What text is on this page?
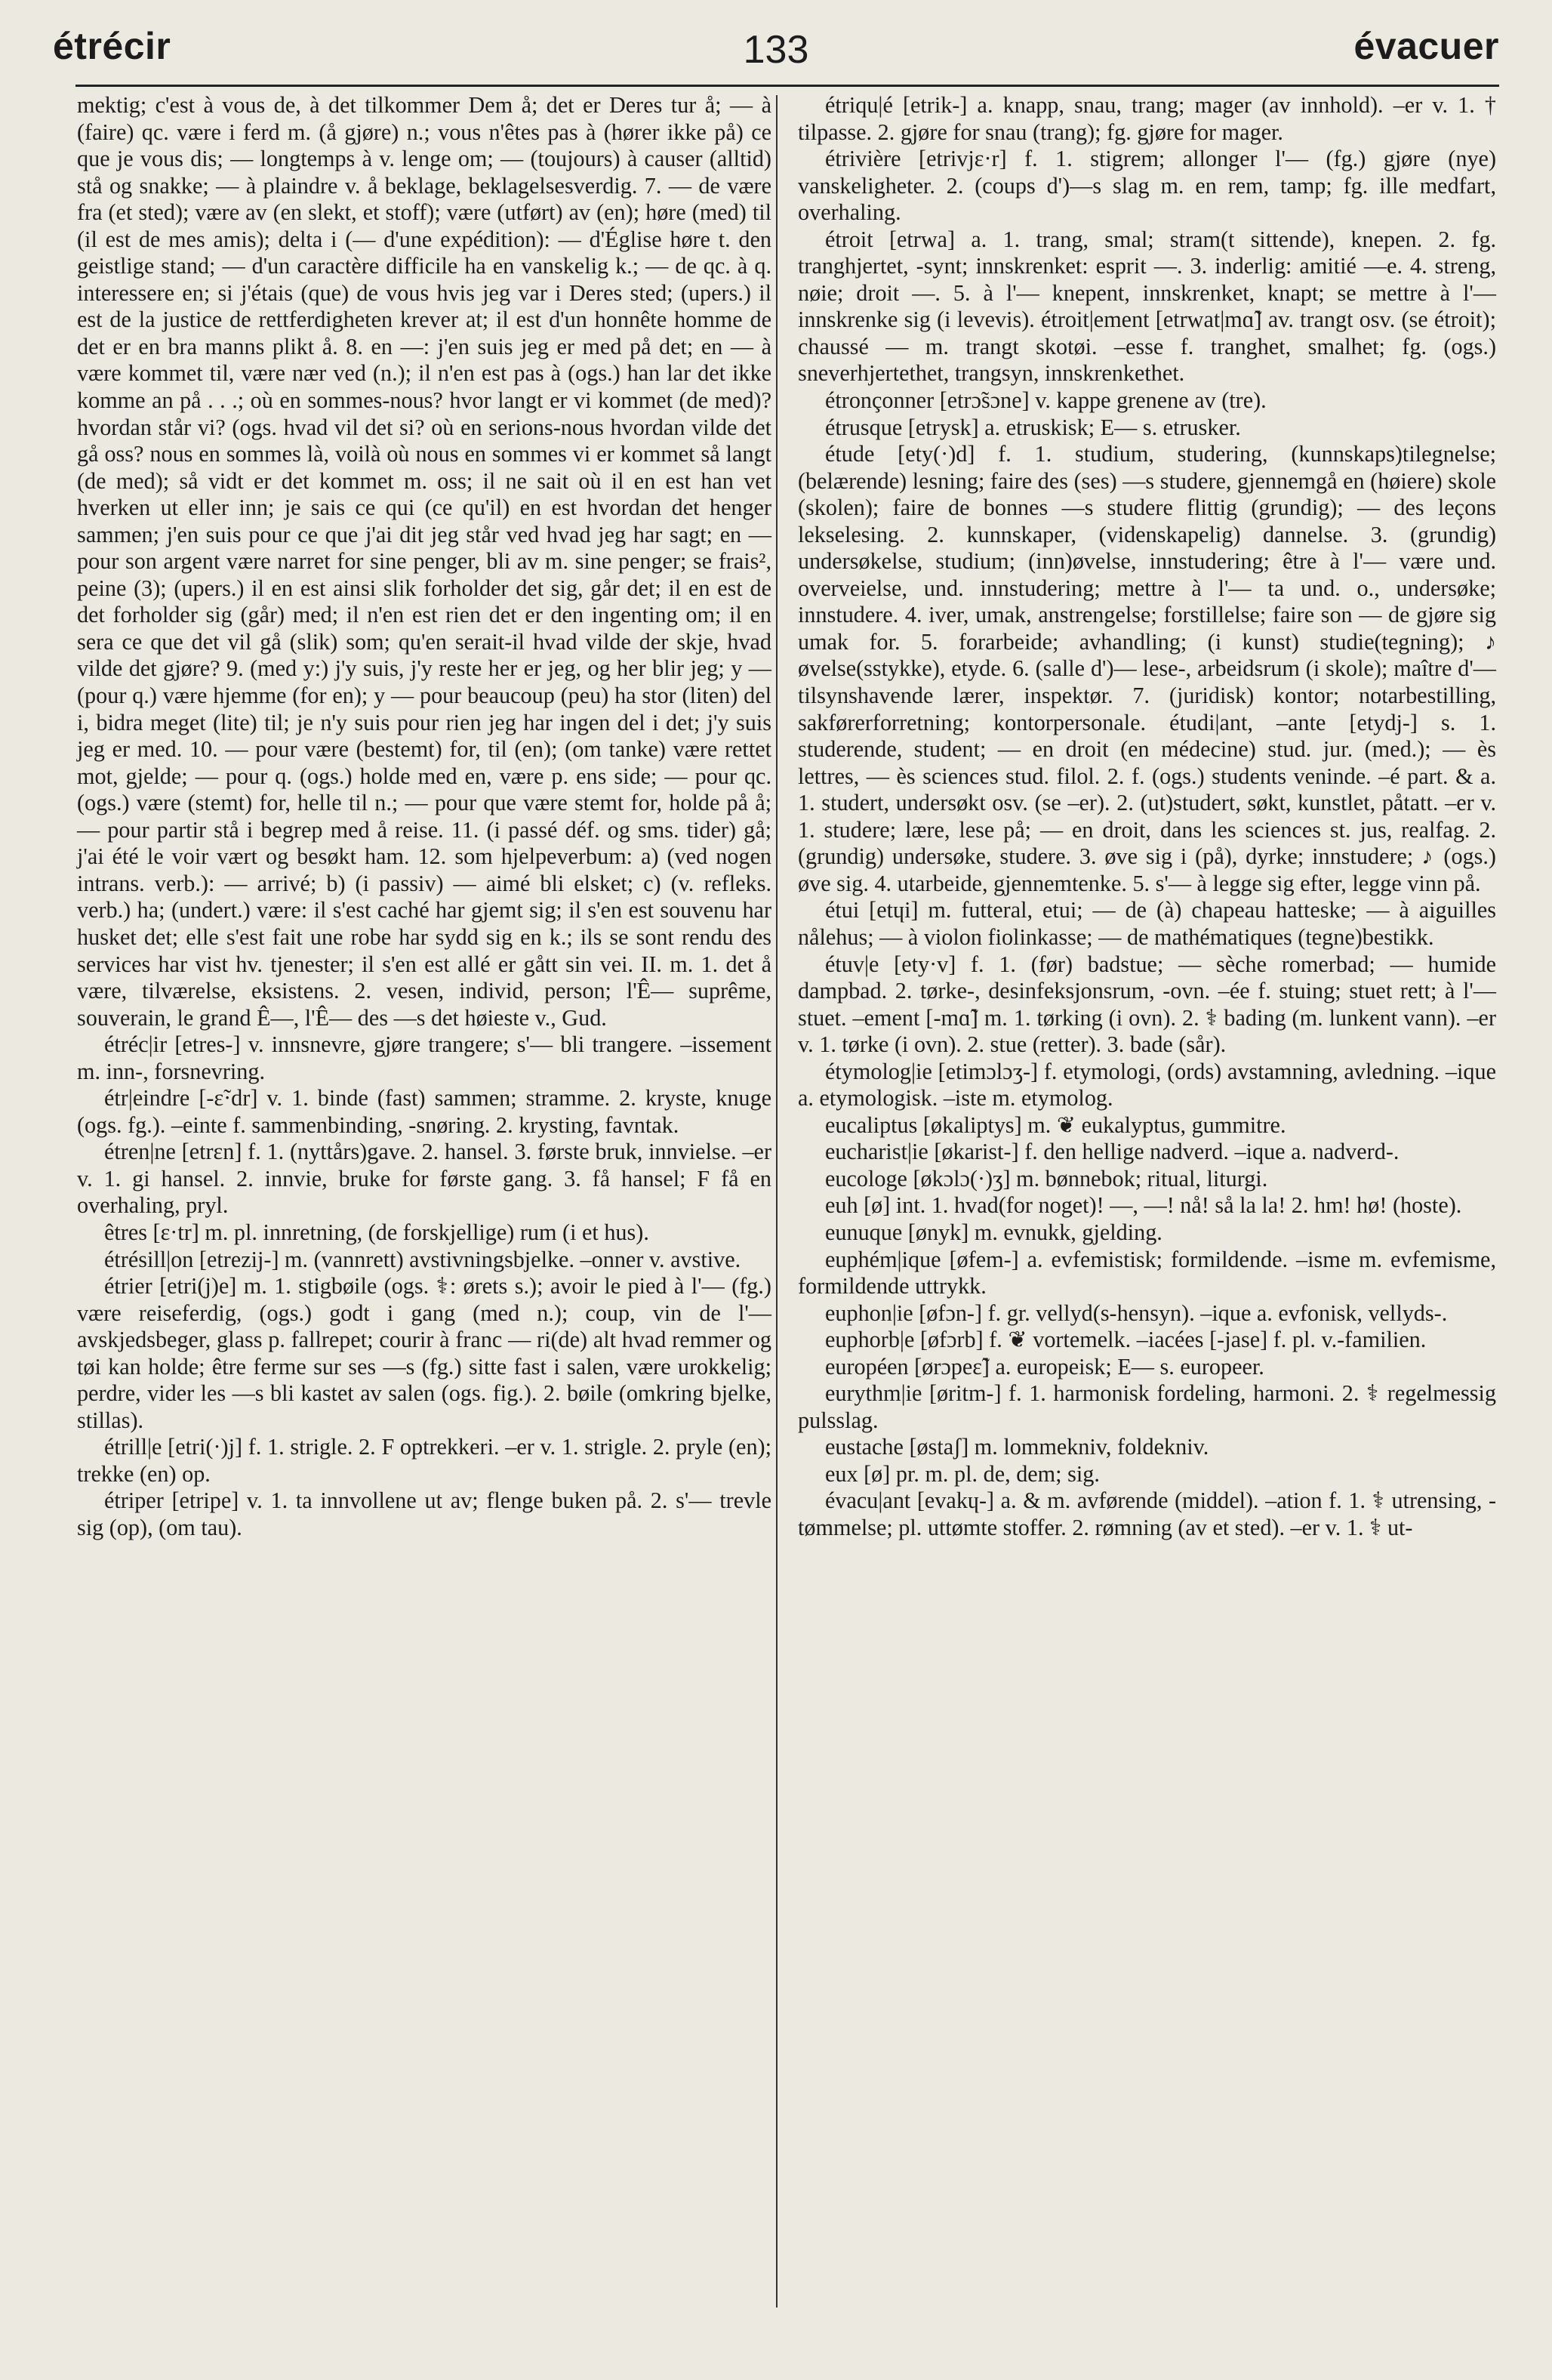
étrécir	133	évacuer

mektig; c'est à vous de, à det tilkommer Dem å; det er Deres tur å; — à (faire) qc. være i ferd m. (å gjøre) n.; vous n'êtes pas à (hører ikke på) ce que je vous dis; — longtemps à v. lenge om; — (toujours) à causer (alltid) stå og snakke; — à plaindre v. å beklage, beklagelsesverdig. 7. — de være fra (et sted); være av (en slekt, et stoff); være (utført) av (en); høre (med) til (il est de mes amis); delta i (— d'une expédition): — d'Église høre t. den geistlige stand; — d'un caractère difficile ha en vanskelig k.; — de qc. à q. interessere en; si j'étais (que) de vous hvis jeg var i Deres sted; (upers.) il est de la justice de rettferdigheten krever at; il est d'un honnête homme de det er en bra manns plikt å. 8. en —: j'en suis jeg er med på det; en — à være kommet til, være nær ved (n.); il n'en est pas à (ogs.) han lar det ikke komme an på . . .; où en sommes-nous? hvor langt er vi kommet (de med)? hvordan står vi? (ogs. hvad vil det si? où en serions-nous hvordan vilde det gå oss? nous en sommes là, voilà où nous en sommes vi er kommet så langt (de med); så vidt er det kommet m. oss; il ne sait où il en est han vet hverken ut eller inn; je sais ce qui (ce qu'il) en est hvordan det henger sammen; j'en suis pour ce que j'ai dit jeg står ved hvad jeg har sagt; en — pour son argent være narret for sine penger, bli av m. sine penger; se frais², peine (3); (upers.) il en est ainsi slik forholder det sig, går det; il en est de det forholder sig (går) med; il n'en est rien det er den ingenting om; il en sera ce que det vil gå (slik) som; qu'en serait-il hvad vilde der skje, hvad vilde det gjøre? 9. (med y:) j'y suis, j'y reste her er jeg, og her blir jeg; y — (pour q.) være hjemme (for en); y — pour beaucoup (peu) ha stor (liten) del i, bidra meget (lite) til; je n'y suis pour rien jeg har ingen del i det; j'y suis jeg er med. 10. — pour være (bestemt) for, til (en); (om tanke) være rettet mot, gjelde; — pour q. (ogs.) holde med en, være p. ens side; — pour qc. (ogs.) være (stemt) for, helle til n.; — pour que være stemt for, holde på å; — pour partir stå i begrep med å reise. 11. (i passé déf. og sms. tider) gå; j'ai été le voir vært og besøkt ham. 12. som hjelpeverbum: a) (ved nogen intrans. verb.): — arrivé; b) (i passiv) — aimé bli elsket; c) (v. refleks. verb.) ha; (undert.) være: il s'est caché har gjemt sig; il s'en est souvenu har husket det; elle s'est fait une robe har sydd sig en k.; ils se sont rendu des services har vist hv. tjenester; il s'en est allé er gått sin vei. II. m. 1. det å være, tilværelse, eksistens. 2. vesen, individ, person; l'Ê— suprême, souverain, le grand Ê—, l'Ê— des —s det høieste v., Gud.

étréc|ir [etres-] v. innsnevre, gjøre trangere; s'— bli trangere. –issement m. inn-, forsnevring.

étr|eindre [-ɛ̃·dr] v. 1. binde (fast) sammen; stramme. 2. kryste, knuge (ogs. fg.). –einte f. sammenbinding, -snøring. 2. krysting, favntak.

étren|ne [etrɛn] f. 1. (nyttårs)gave. 2. hansel. 3. første bruk, innvielse. –er v. 1. gi hansel. 2. innvie, bruke for første gang. 3. få hansel; F få en overhaling, pryl.

êtres [ɛ·tr] m. pl. innretning, (de forskjellige) rum (i et hus).

étrésill|on [etrezij-] m. (vannrett) avstivningsbjelke. –onner v. avstive.

étrier [etri(j)e] m. 1. stigbøile (ogs. ⚕: ørets s.); avoir le pied à l'— (fg.) være reiseferdig, (ogs.) godt i gang (med n.); coup, vin de l'— avskjedsbeger, glass p. fallrepet; courir à franc — ri(de) alt hvad remmer og tøi kan holde; être ferme sur ses —s (fg.) sitte fast i salen, være urokkelig; perdre, vider les —s bli kastet av salen (ogs. fig.). 2. bøile (omkring bjelke, stillas).

étrill|e [etri(·)j] f. 1. strigle. 2. F optrekkeri. –er v. 1. strigle. 2. pryle (en); trekke (en) op.

étriper [etripe] v. 1. ta innvollene ut av; flenge buken på. 2. s'— trevle sig (op), (om tau).

étriqu|é [etrik-] a. knapp, snau, trang; mager (av innhold). –er v. 1. † tilpasse. 2. gjøre for snau (trang); fg. gjøre for mager.

étrivière [etrivjɛ·r] f. 1. stigrem; allonger l'— (fg.) gjøre (nye) vanskeligheter. 2. (coups d')—s slag m. en rem, tamp; fg. ille medfart, overhaling.

étroit [etrwa] a. 1. trang, smal; stram(t sittende), knepen. 2. fg. tranghjertet, -synt; innskrenket: esprit —. 3. inderlig: amitié —e. 4. streng, nøie; droit —. 5. à l'— knepent, innskrenket, knapt; se mettre à l'— innskrenke sig (i levevis). étroit|ement [etrwat|mɑ̃] av. trangt osv. (se étroit); chaussé — m. trangt skotøi. –esse f. tranghet, smalhet; fg. (ogs.) sneverhjertethet, trangsyn, innskrenkethet.

étronçonner [etrɔ̃sɔne] v. kappe grenene av (tre).

étrusque [etrysk] a. etruskisk; E— s. etrusker.

étude [ety(·)d] f. 1. studium, studering, (kunnskaps)tilegnelse; (belærende) lesning; faire des (ses) —s studere, gjennemgå en (høiere) skole (skolen); faire de bonnes —s studere flittig (grundig); — des leçons lekselesing. 2. kunnskaper, (videnskapelig) dannelse. 3. (grundig) undersøkelse, studium; (inn)øvelse, innstudering; être à l'— være und. overveielse, und. innstudering; mettre à l'— ta und. o., undersøke; innstudere. 4. iver, umak, anstrengelse; forstillelse; faire son — de gjøre sig umak for. 5. forarbeide; avhandling; (i kunst) studie(tegning); ♪ øvelse(sstykke), etyde. 6. (salle d')— lese-, arbeidsrum (i skole); maître d'— tilsynshavende lærer, inspektør. 7. (juridisk) kontor; notarbestilling, sakførerforretning; kontorpersonale. étudi|ant, –ante [etydj-] s. 1. studerende, student; — en droit (en médecine) stud. jur. (med.); — ès lettres, — ès sciences stud. filol. 2. f. (ogs.) students veninde. –é part. & a. 1. studert, undersøkt osv. (se –er). 2. (ut)studert, søkt, kunstlet, påtatt. –er v. 1. studere; lære, lese på; — en droit, dans les sciences st. jus, realfag. 2. (grundig) undersøke, studere. 3. øve sig i (på), dyrke; innstudere; ♪ (ogs.) øve sig. 4. utarbeide, gjennemtenke. 5. s'— à legge sig efter, legge vinn på.

étui [etɥi] m. futteral, etui; — de (à) chapeau hatteske; — à aiguilles nålehus; — à violon fiolinkasse; — de mathématiques (tegne)bestikk.

étuv|e [ety·v] f. 1. (før) badstue; — sèche romerbad; — humide dampbad. 2. tørke-, desinfeksjonsrum, -ovn. –ée f. stuing; stuet rett; à l'— stuet. –ement [-mɑ̃] m. 1. tørking (i ovn). 2. ⚕ bading (m. lunkent vann). –er v. 1. tørke (i ovn). 2. stue (retter). 3. bade (sår).

étymolog|ie [etimɔlɔʒ-] f. etymologi, (ords) avstamning, avledning. –ique a. etymologisk. –iste m. etymolog.

eucaliptus [økaliptys] m. ❦ eukalyptus, gummitre.

eucharist|ie [økarist-] f. den hellige nadverd. –ique a. nadverd-.

eucologe [økɔlɔ(·)ʒ] m. bønnebok; ritual, liturgi.

euh [ø] int. 1. hvad(for noget)! —, —! nå! så la la! 2. hm! hø! (hoste).

eunuque [ønyk] m. evnukk, gjelding.

euphém|ique [øfem-] a. evfemistisk; formildende. –isme m. evfemisme, formildende uttrykk.

euphon|ie [øfɔn-] f. gr. vellyd(s-hensyn). –ique a. evfonisk, vellyds-.

euphorb|e [øfɔrb] f. ❦ vortemelk. –iacées [-jase] f. pl. v.-familien.

européen [ørɔpeɛ̃] a. europeisk; E— s. europeer.

eurythm|ie [øritm-] f. 1. harmonisk fordeling, harmoni. 2. ⚕ regelmessig pulsslag.

eustache [østaʃ] m. lommekniv, foldekniv.

eux [ø] pr. m. pl. de, dem; sig.

évacu|ant [evakɥ-] a. & m. avførende (middel). –ation f. 1. ⚕ utrensing, -tømmelse; pl. uttømte stoffer. 2. rømning (av et sted). –er v. 1. ⚕ ut-
